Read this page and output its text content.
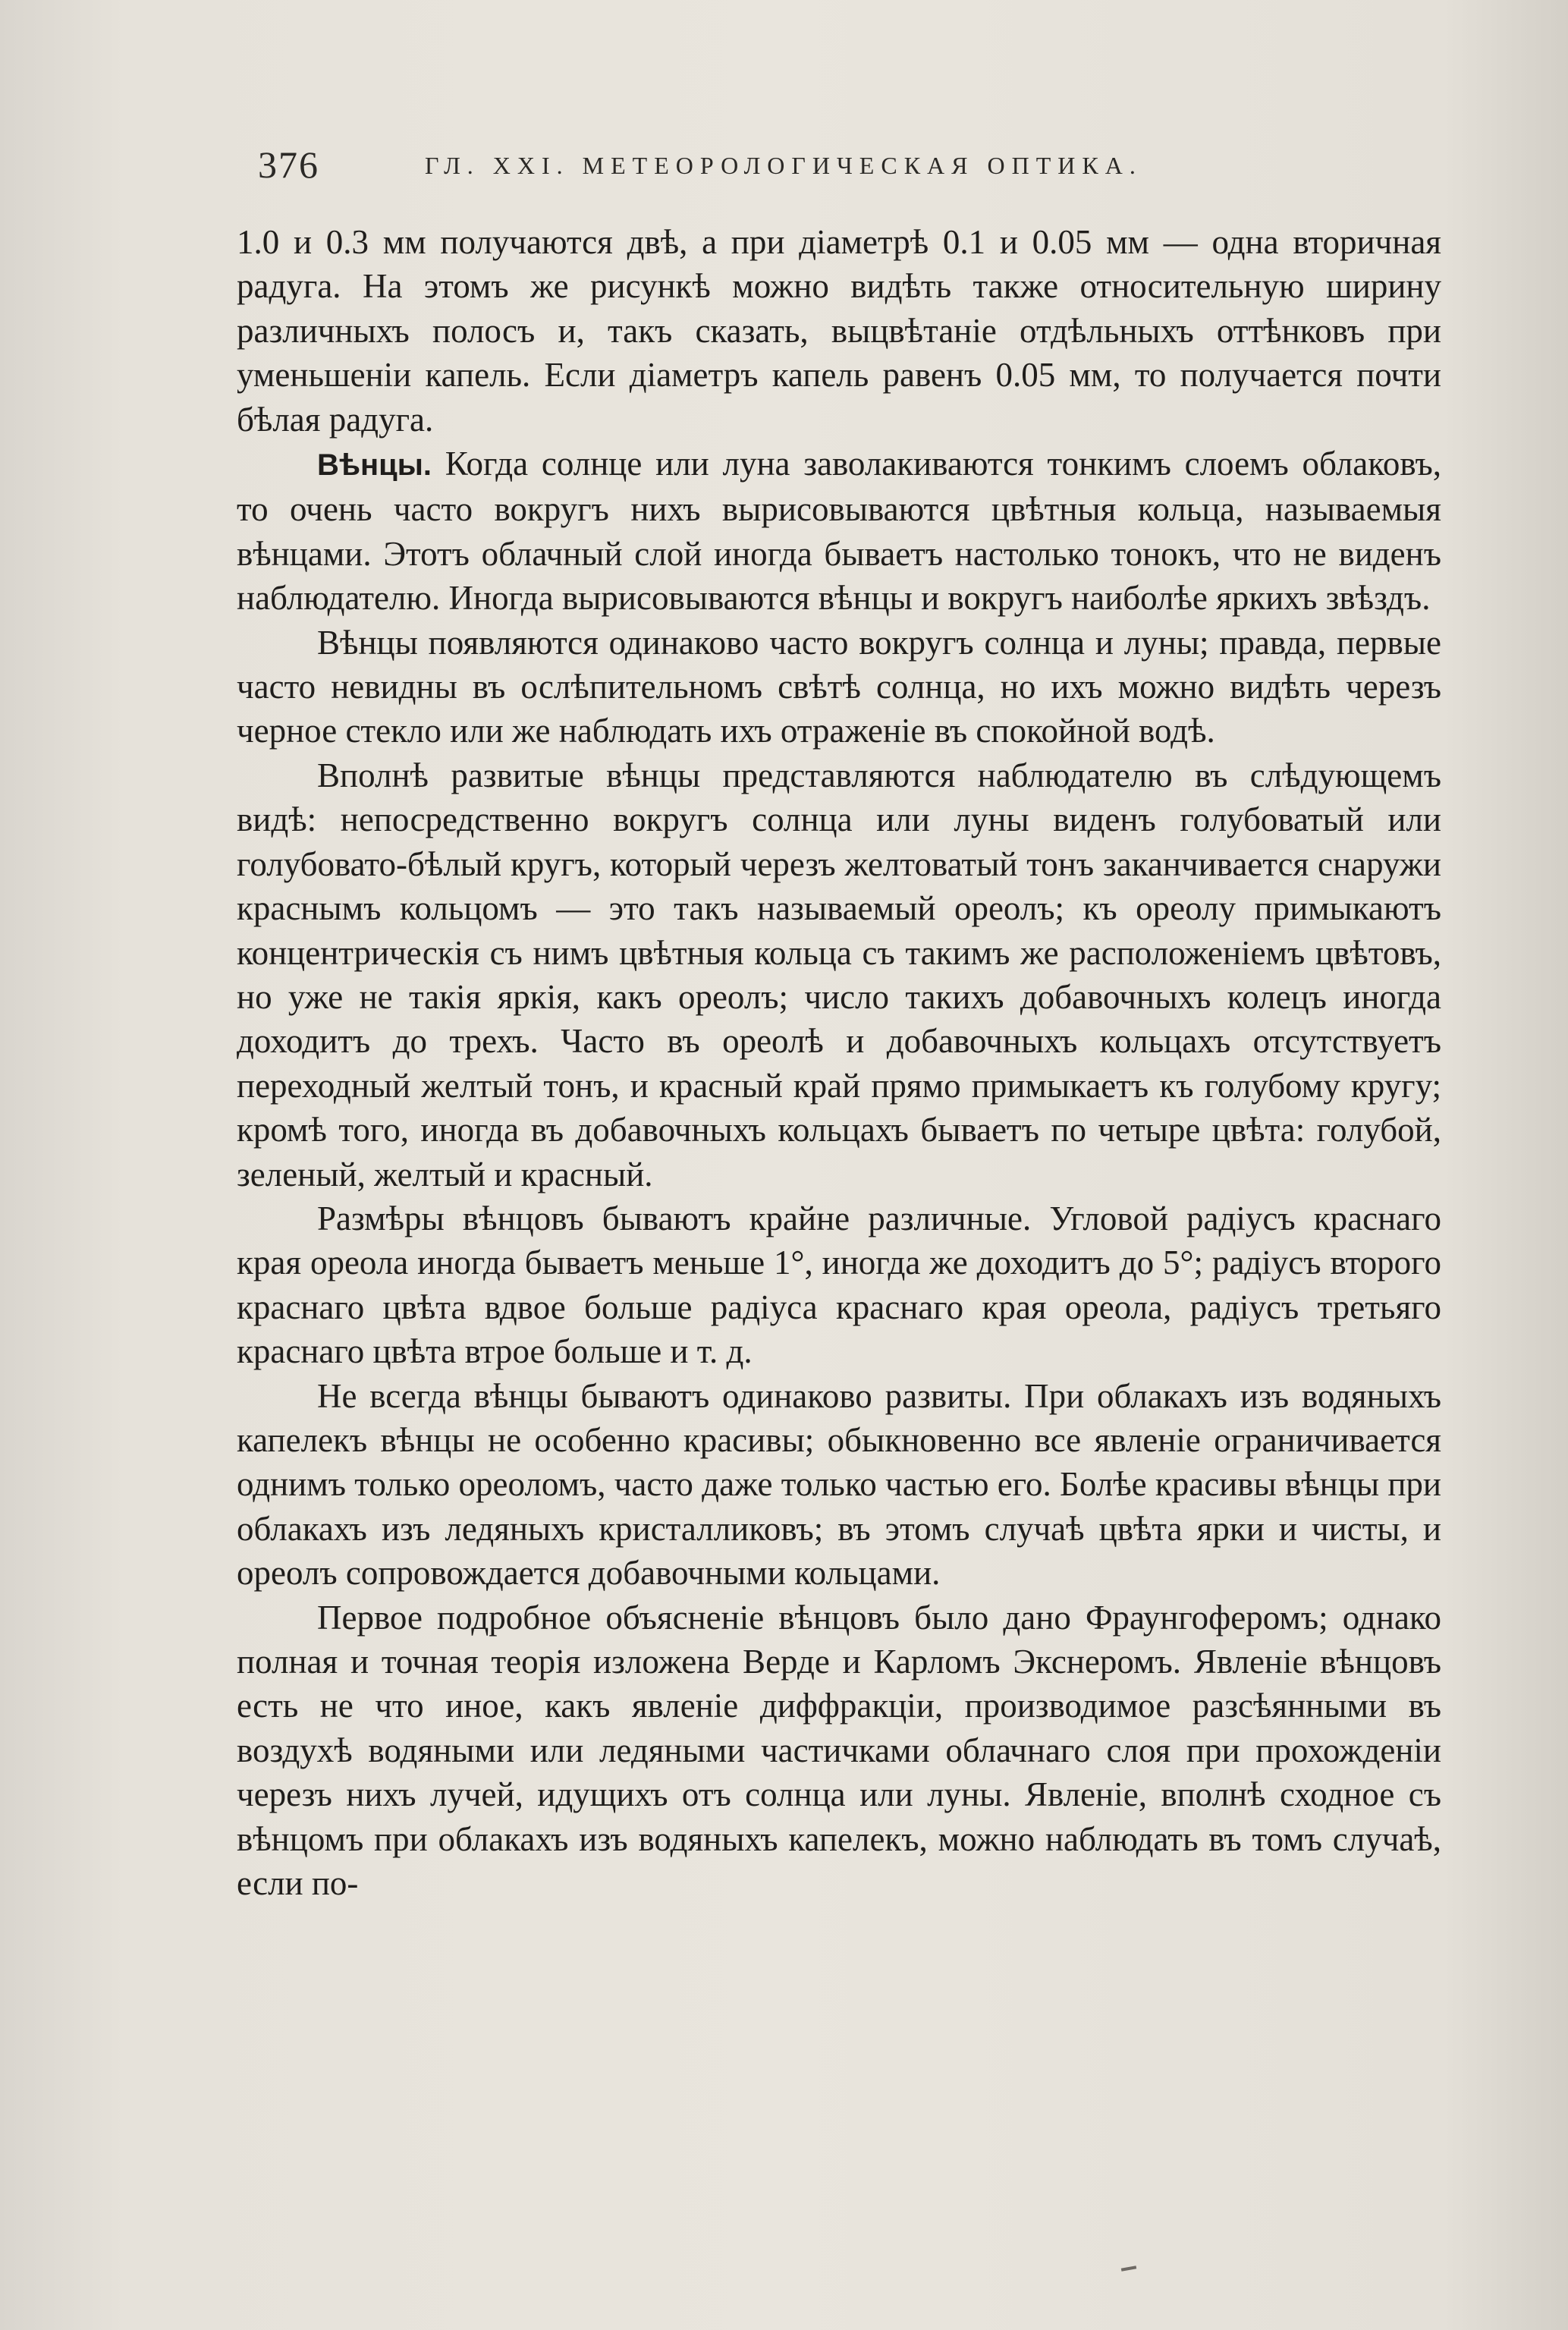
376	ГЛ. XXI. МЕТЕОРОЛОГИЧЕСКАЯ ОПТИКА.

1.0 и 0.3 мм получаются двѣ, а при діаметрѣ 0.1 и 0.05 мм — одна вторичная радуга. На этомъ же рисункѣ можно видѣть также относительную ширину различныхъ полосъ и, такъ сказать, выцвѣтаніе отдѣльныхъ оттѣнковъ при уменьшеніи капель. Если діаметръ капель равенъ 0.05 мм, то получается почти бѣлая радуга.

Вѣнцы. Когда солнце или луна заволакиваются тонкимъ слоемъ облаковъ, то очень часто вокругъ нихъ вырисовываются цвѣтныя кольца, называемыя вѣнцами. Этотъ облачный слой иногда бываетъ настолько тонокъ, что не виденъ наблюдателю. Иногда вырисовываются вѣнцы и вокругъ наиболѣе яркихъ звѣздъ.

Вѣнцы появляются одинаково часто вокругъ солнца и луны; правда, первые часто невидны въ ослѣпительномъ свѣтѣ солнца, но ихъ можно видѣть черезъ черное стекло или же наблюдать ихъ отраженіе въ спокойной водѣ.

Вполнѣ развитые вѣнцы представляются наблюдателю въ слѣдующемъ видѣ: непосредственно вокругъ солнца или луны виденъ голубоватый или голубовато-бѣлый кругъ, который черезъ желтоватый тонъ заканчивается снаружи краснымъ кольцомъ — это такъ называемый ореолъ; къ ореолу примыкаютъ концентрическія съ нимъ цвѣтныя кольца съ такимъ же расположеніемъ цвѣтовъ, но уже не такія яркія, какъ ореолъ; число такихъ добавочныхъ колецъ иногда доходитъ до трехъ. Часто въ ореолѣ и добавочныхъ кольцахъ отсутствуетъ переходный желтый тонъ, и красный край прямо примыкаетъ къ голубому кругу; кромѣ того, иногда въ добавочныхъ кольцахъ бываетъ по четыре цвѣта: голубой, зеленый, желтый и красный.

Размѣры вѣнцовъ бываютъ крайне различные. Угловой радіусъ краснаго края ореола иногда бываетъ меньше 1°, иногда же доходитъ до 5°; радіусъ второго краснаго цвѣта вдвое больше радіуса краснаго края ореола, радіусъ третьяго краснаго цвѣта втрое больше и т. д.

Не всегда вѣнцы бываютъ одинаково развиты. При облакахъ изъ водяныхъ капелекъ вѣнцы не особенно красивы; обыкновенно все явленіе ограничивается однимъ только ореоломъ, часто даже только частью его. Болѣе красивы вѣнцы при облакахъ изъ ледяныхъ кристалликовъ; въ этомъ случаѣ цвѣта ярки и чисты, и ореолъ сопровождается добавочными кольцами.

Первое подробное объясненіе вѣнцовъ было дано Фраунгоферомъ; однако полная и точная теорія изложена Верде и Карломъ Экснеромъ. Явленіе вѣнцовъ есть не что иное, какъ явленіе диффракціи, производимое разсѣянными въ воздухѣ водяными или ледяными частичками облачнаго слоя при прохожденіи черезъ нихъ лучей, идущихъ отъ солнца или луны. Явленіе, вполнѣ сходное съ вѣнцомъ при облакахъ изъ водяныхъ капелекъ, можно наблюдать въ томъ случаѣ, если по-
